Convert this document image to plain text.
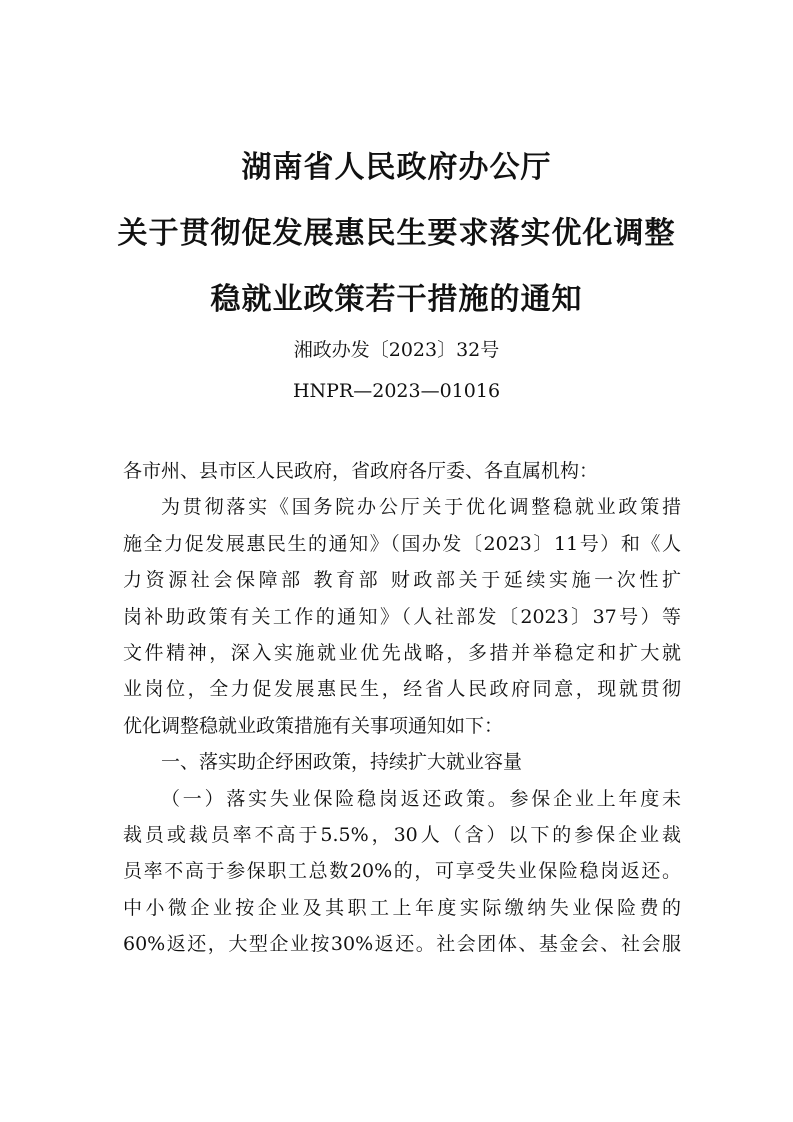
湖南省人民政府办公厅
关于贯彻促发展惠民生要求落实优化调整
稳就业政策若干措施的通知
湘政办发〔2023〕32号
HNPR—2023—01016
各市州、县市区人民政府，省政府各厅委、各直属机构：
为贯彻落实《国务院办公厅关于优化调整稳就业政策措
施全力促发展惠民生的通知》（国办发〔2023〕11号）和《人
力资源社会保障部 教育部 财政部关于延续实施一次性扩
岗补助政策有关工作的通知》（人社部发〔2023〕37号）等
文件精神，深入实施就业优先战略，多措并举稳定和扩大就
业岗位，全力促发展惠民生，经省人民政府同意，现就贯彻
优化调整稳就业政策措施有关事项通知如下：
一、落实助企纾困政策，持续扩大就业容量
（一）落实失业保险稳岗返还政策。参保企业上年度未
裁员或裁员率不高于5.5%，30人（含）以下的参保企业裁
员率不高于参保职工总数20%的，可享受失业保险稳岗返还。
中小微企业按企业及其职工上年度实际缴纳失业保险费的
60%返还，大型企业按30%返还。社会团体、基金会、社会服
